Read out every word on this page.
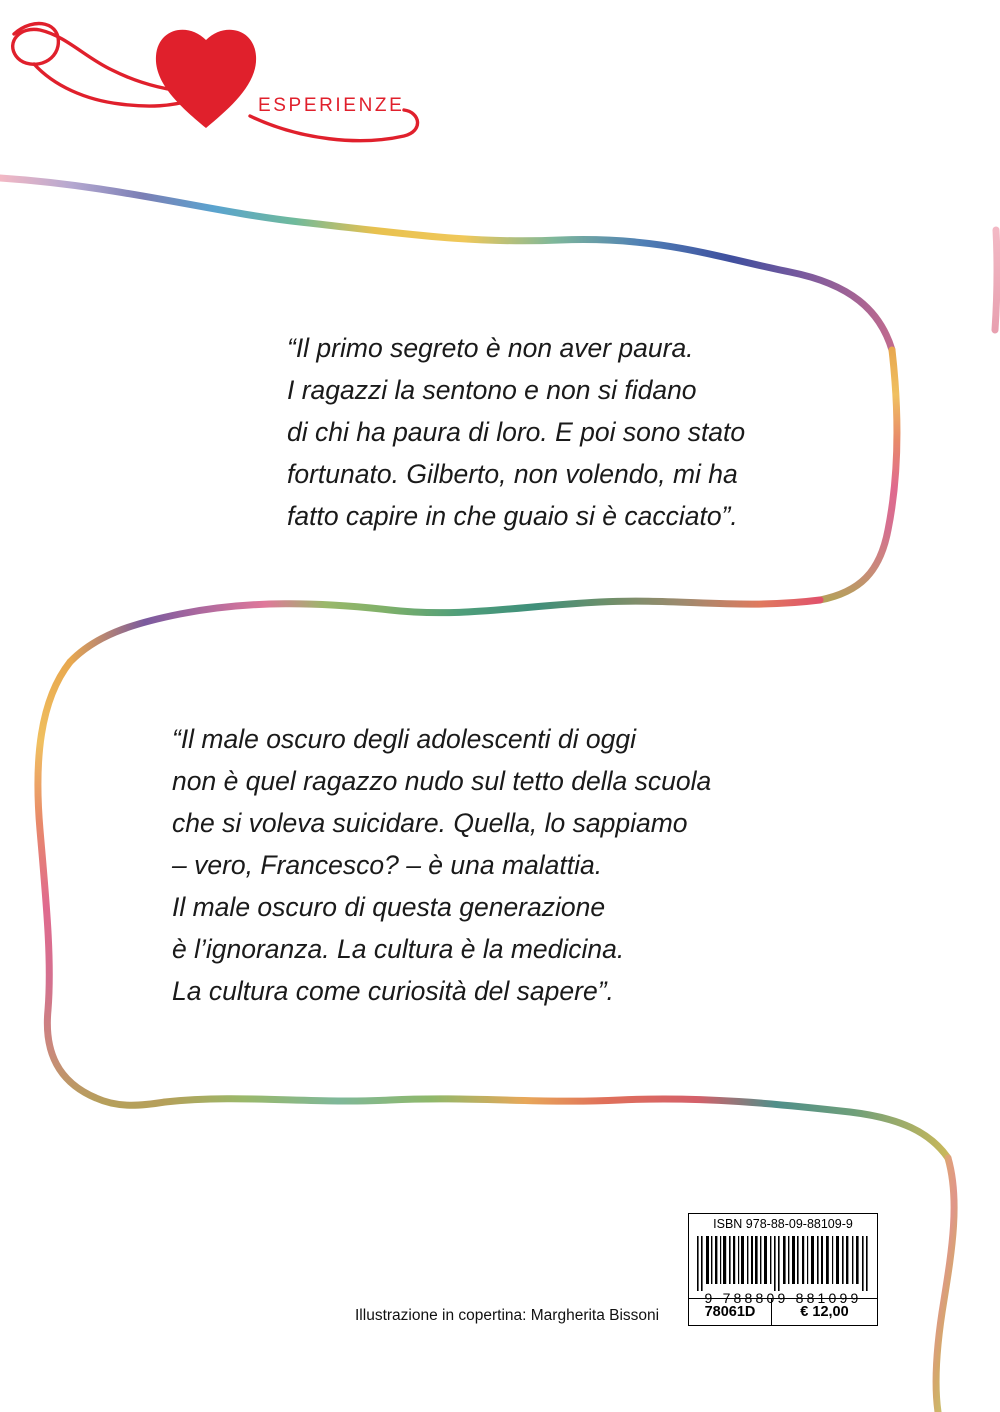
ESPERIENZE
“Il primo segreto è non aver paura.
I ragazzi la sentono e non si fidano
di chi ha paura di loro. E poi sono stato
fortunato. Gilberto, non volendo, mi ha
fatto capire in che guaio si è cacciato”.
“Il male oscuro degli adolescenti di oggi
non è quel ragazzo nudo sul tetto della scuola
che si voleva suicidare. Quella, lo sappiamo
– vero, Francesco? – è una malattia.
Il male oscuro di questa generazione
è l’ignoranza. La cultura è la medicina.
La cultura come curiosità del sapere”.
Illustrazione in copertina: Margherita Bissoni
ISBN 978-88-09-88109-9
9 788809 881099
78061D	€ 12,00
